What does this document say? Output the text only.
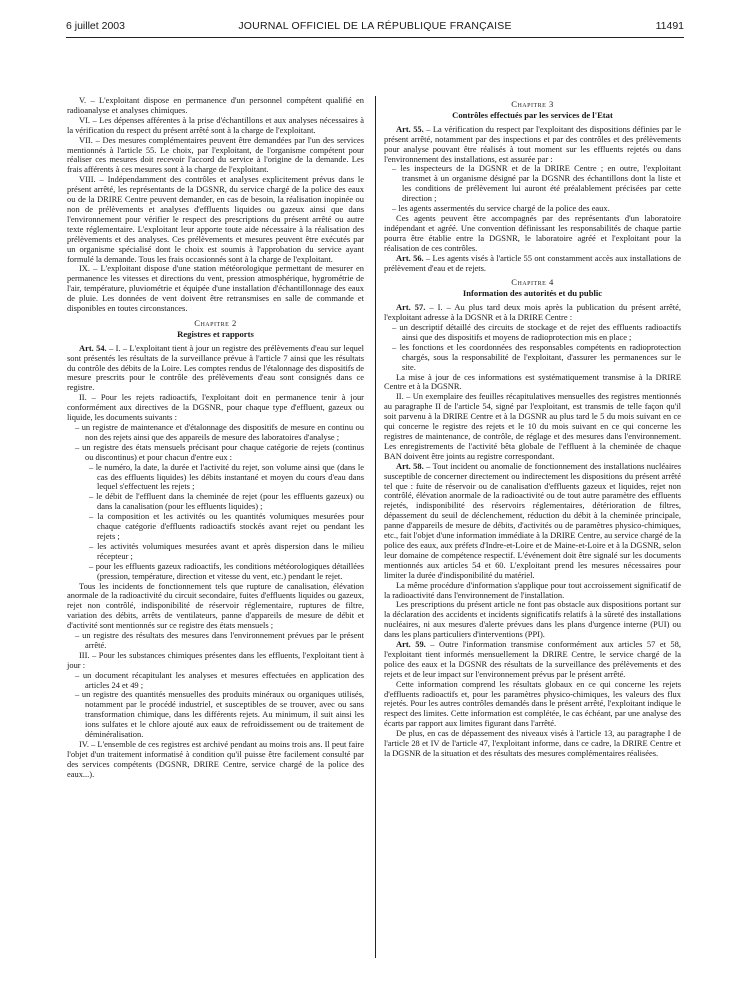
6 juillet 2003	JOURNAL OFFICIEL DE LA RÉPUBLIQUE FRANÇAISE	11491

V. – L'exploitant dispose en permanence d'un personnel compétent qualifié en radioanalyse et analyses chimiques.

VI. – Les dépenses afférentes à la prise d'échantillons et aux analyses nécessaires à la vérification du respect du présent arrêté sont à la charge de l'exploitant.

VII. – Des mesures complémentaires peuvent être demandées par l'un des services mentionnés à l'article 55. Le choix, par l'exploitant, de l'organisme compétent pour réaliser ces mesures doit recevoir l'accord du service à l'origine de la demande. Les frais afférents à ces mesures sont à la charge de l'exploitant.

VIII. – Indépendamment des contrôles et analyses explicitement prévus dans le présent arrêté, les représentants de la DGSNR, du service chargé de la police des eaux ou de la DRIRE Centre peuvent demander, en cas de besoin, la réalisation inopinée ou non de prélèvements et analyses d'effluents liquides ou gazeux ainsi que dans l'environnement pour vérifier le respect des prescriptions du présent arrêté ou autre texte réglementaire. L'exploitant leur apporte toute aide nécessaire à la réalisation des prélèvements et des analyses. Ces prélèvements et mesures peuvent être exécutés par un organisme spécialisé dont le choix est soumis à l'approbation du service ayant formulé la demande. Tous les frais occasionnés sont à la charge de l'exploitant.

IX. – L'exploitant dispose d'une station météorologique permettant de mesurer en permanence les vitesses et directions du vent, pression atmosphérique, hygrométrie de l'air, température, pluviométrie et équipée d'une installation d'échantillonnage des eaux de pluie. Les données de vent doivent être retransmises en salle de commande et disponibles en toutes circonstances.

Chapitre 2
Registres et rapports

Art. 54. – I. – L'exploitant tient à jour un registre des prélèvements d'eau sur lequel sont présentés les résultats de la surveillance prévue à l'article 7 ainsi que les résultats du contrôle des débits de la Loire. Les comptes rendus de l'étalonnage des dispositifs de mesure prescrits pour le contrôle des prélèvements d'eau sont consignés dans ce registre.

II. – Pour les rejets radioactifs, l'exploitant doit en permanence tenir à jour conformément aux directives de la DGSNR, pour chaque type d'effluent, gazeux ou liquide, les documents suivants :

– un registre de maintenance et d'étalonnage des dispositifs de mesure en continu ou non des rejets ainsi que des appareils de mesure des laboratoires d'analyse ;

– un registre des états mensuels précisant pour chaque catégorie de rejets (continus ou discontinus) et pour chacun d'entre eux :

– le numéro, la date, la durée et l'activité du rejet, son volume ainsi que (dans le cas des effluents liquides) les débits instantané et moyen du cours d'eau dans lequel s'effectuent les rejets ;

– le débit de l'effluent dans la cheminée de rejet (pour les effluents gazeux) ou dans la canalisation (pour les effluents liquides) ;

– la composition et les activités ou les quantités volumiques mesurées pour chaque catégorie d'effluents radioactifs stockés avant rejet ou pendant les rejets ;

– les activités volumiques mesurées avant et après dispersion dans le milieu récepteur ;

– pour les effluents gazeux radioactifs, les conditions météorologiques détaillées (pression, température, direction et vitesse du vent, etc.) pendant le rejet.

Tous les incidents de fonctionnement tels que rupture de canalisation, élévation anormale de la radioactivité du circuit secondaire, fuites d'effluents liquides ou gazeux, rejet non contrôlé, indisponibilité de réservoir réglementaire, ruptures de filtre, variation des débits, arrêts de ventilateurs, panne d'appareils de mesure de débit et d'activité sont mentionnés sur ce registre des états mensuels ;

– un registre des résultats des mesures dans l'environnement prévues par le présent arrêté.

III. – Pour les substances chimiques présentes dans les effluents, l'exploitant tient à jour :

– un document récapitulant les analyses et mesures effectuées en application des articles 24 et 49 ;

– un registre des quantités mensuelles des produits minéraux ou organiques utilisés, notamment par le procédé industriel, et susceptibles de se trouver, avec ou sans transformation chimique, dans les différents rejets. Au minimum, il suit ainsi les ions sulfates et le chlore ajouté aux eaux de refroidissement ou de traitement de déminéralisation.

IV. – L'ensemble de ces registres est archivé pendant au moins trois ans. Il peut faire l'objet d'un traitement informatisé à condition qu'il puisse être facilement consulté par des services compétents (DGSNR, DRIRE Centre, service chargé de la police des eaux...).

Chapitre 3
Contrôles effectués par les services de l'Etat

Art. 55. – La vérification du respect par l'exploitant des dispositions définies par le présent arrêté, notamment par des inspections et par des contrôles et des prélèvements pour analyse pouvant être réalisés à tout moment sur les effluents rejetés ou dans l'environnement des installations, est assurée par :

– les inspecteurs de la DGSNR et de la DRIRE Centre ; en outre, l'exploitant transmet à un organisme désigné par la DGSNR des échantillons dont la liste et les conditions de prélèvement lui auront été préalablement précisées par cette direction ;

– les agents assermentés du service chargé de la police des eaux.

Ces agents peuvent être accompagnés par des représentants d'un laboratoire indépendant et agréé. Une convention définissant les responsabilités de chaque partie pourra être établie entre la DGSNR, le laboratoire agréé et l'exploitant pour la réalisation de ces contrôles.

Art. 56. – Les agents visés à l'article 55 ont constamment accès aux installations de prélèvement d'eau et de rejets.

Chapitre 4
Information des autorités et du public

Art. 57. – I. – Au plus tard deux mois après la publication du présent arrêté, l'exploitant adresse à la DGSNR et à la DRIRE Centre :

– un descriptif détaillé des circuits de stockage et de rejet des effluents radioactifs ainsi que des dispositifs et moyens de radioprotection mis en place ;

– les fonctions et les coordonnées des responsables compétents en radioprotection chargés, sous la responsabilité de l'exploitant, d'assurer les permanences sur le site.

La mise à jour de ces informations est systématiquement transmise à la DRIRE Centre et à la DGSNR.

II. – Un exemplaire des feuilles récapitulatives mensuelles des registres mentionnés au paragraphe II de l'article 54, signé par l'exploitant, est transmis de telle façon qu'il soit parvenu à la DRIRE Centre et à la DGSNR au plus tard le 5 du mois suivant en ce qui concerne le registre des rejets et le 10 du mois suivant en ce qui concerne les registres de maintenance, de contrôle, de réglage et des mesures dans l'environnement. Les enregistrements de l'activité bêta globale de l'effluent à la cheminée de chaque BAN doivent être joints au registre correspondant.

Art. 58. – Tout incident ou anomalie de fonctionnement des installations nucléaires susceptible de concerner directement ou indirectement les dispositions du présent arrêté tel que : fuite de réservoir ou de canalisation d'effluents gazeux et liquides, rejet non contrôlé, élévation anormale de la radioactivité ou de tout autre paramètre des effluents rejetés, indisponibilité des réservoirs réglementaires, détérioration de filtres, dépassement du seuil de déclenchement, réduction du débit à la cheminée principale, panne d'appareils de mesure de débits, d'activités ou de paramètres physico-chimiques, etc., fait l'objet d'une information immédiate à la DRIRE Centre, au service chargé de la police des eaux, aux préfets d'Indre-et-Loire et de Maine-et-Loire et à la DGSNR, selon leur domaine de compétence respectif. L'événement doit être signalé sur les documents mentionnés aux articles 54 et 60. L'exploitant prend les mesures nécessaires pour limiter la durée d'indisponibilité du matériel.

La même procédure d'information s'applique pour tout accroissement significatif de la radioactivité dans l'environnement de l'installation.

Les prescriptions du présent article ne font pas obstacle aux dispositions portant sur la déclaration des accidents et incidents significatifs relatifs à la sûreté des installations nucléaires, ni aux mesures d'alerte prévues dans les plans d'urgence interne (PUI) ou dans les plans particuliers d'interventions (PPI).

Art. 59. – Outre l'information transmise conformément aux articles 57 et 58, l'exploitant tient informés mensuellement la DRIRE Centre, le service chargé de la police des eaux et la DGSNR des résultats de la surveillance des prélèvements et des rejets et de leur impact sur l'environnement prévus par le présent arrêté.

Cette information comprend les résultats globaux en ce qui concerne les rejets d'effluents radioactifs et, pour les paramètres physico-chimiques, les valeurs des flux rejetés. Pour les autres contrôles demandés dans le présent arrêté, l'exploitant indique le respect des limites. Cette information est complétée, le cas échéant, par une analyse des écarts par rapport aux limites figurant dans l'arrêté.

De plus, en cas de dépassement des niveaux visés à l'article 13, au paragraphe I de l'article 28 et IV de l'article 47, l'exploitant informe, dans ce cadre, la DRIRE Centre et la DGSNR de la situation et des résultats des mesures complémentaires réalisées.
